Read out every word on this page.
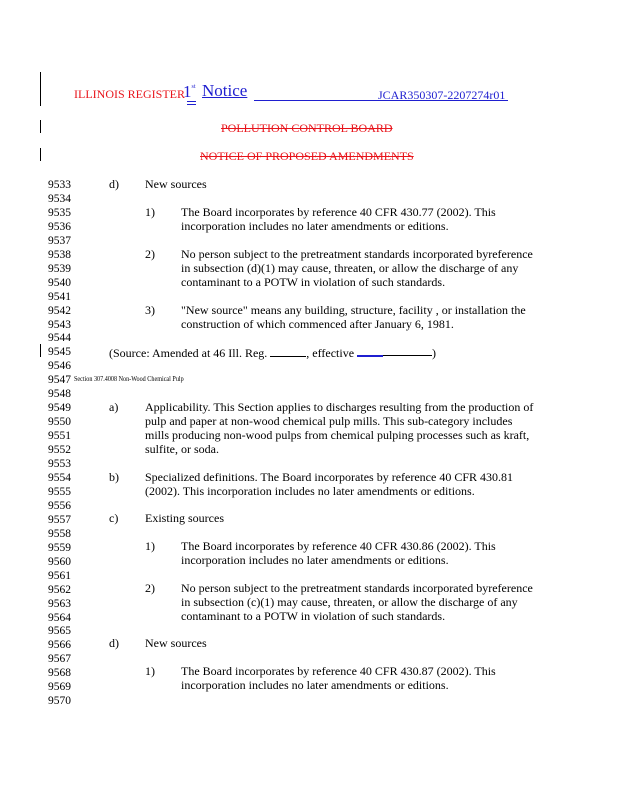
ILLINOIS REGISTER
1st Notice	JCAR350307-2207274r01
POLLUTION CONTROL BOARD
NOTICE OF PROPOSED AMENDMENTS
9533
9534
9535
9536
9537
9538
9539
9540
9541
9542
9543
9544
9545
9546
9547
9548
9549
9550
9551
9552
9553
9554
9555
9556
9557
9558
9559
9560
9561
9562
9563
9564
9565
9566
9567
9568
9569
9570
d) New sources
1) The Board incorporates by reference 40 CFR 430.77 (2002). This
incorporation includes no later amendments or editions.
2) No person subject to the pretreatment standards incorporated byreference
in subsection (d)(1) may cause, threaten, or allow the discharge of any
contaminant to a POTW in violation of such standards.
3) "New source" means any building, structure, facility , or installation the
construction of which commenced after January 6, 1981.
(Source: Amended at 46 Ill. Reg.	, effective	)
Section 307.4008 Non-Wood Chemical Pulp
a) Applicability. This Section applies to discharges resulting from the production of
pulp and paper at non-wood chemical pulp mills. This sub-category includes
mills producing non-wood pulps from chemical pulping processes such as kraft,
sulfite, or soda.
b) Specialized definitions. The Board incorporates by reference 40 CFR 430.81
(2002). This incorporation includes no later amendments or editions.
c) Existing sources
1) The Board incorporates by reference 40 CFR 430.86 (2002). This
incorporation includes no later amendments or editions.
2) No person subject to the pretreatment standards incorporated byreference
in subsection (c)(1) may cause, threaten, or allow the discharge of any
contaminant to a POTW in violation of such standards.
d) New sources
1) The Board incorporates by reference 40 CFR 430.87 (2002). This
incorporation includes no later amendments or editions.
